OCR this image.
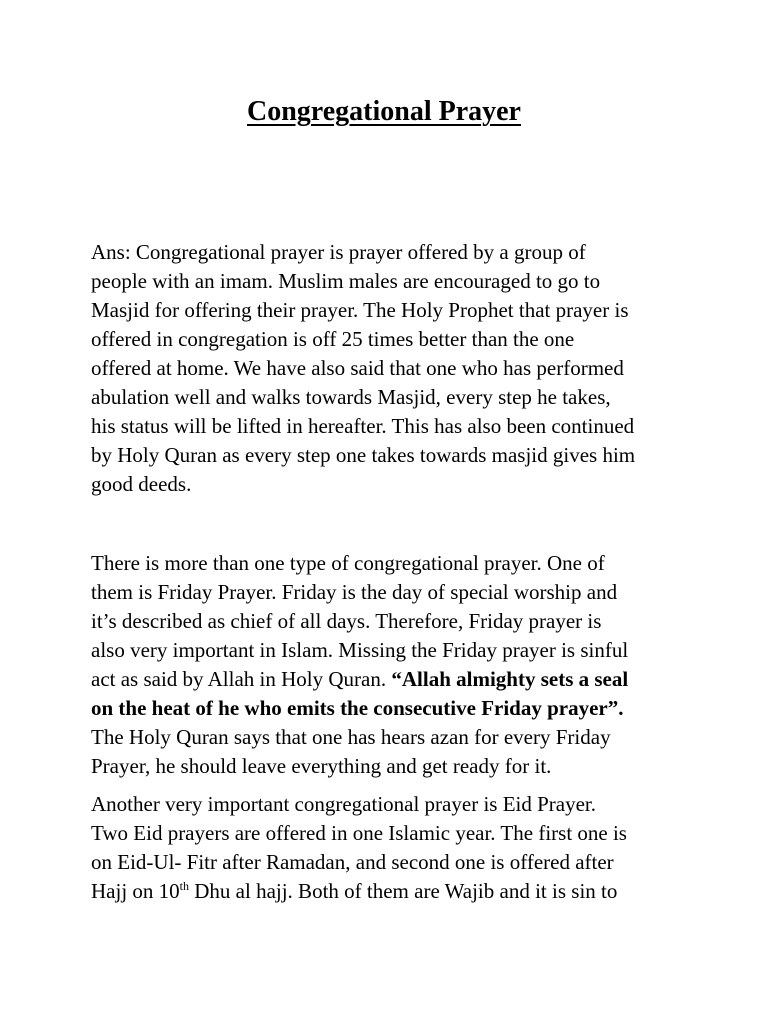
Congregational Prayer

Ans: Congregational prayer is prayer offered by a group of
people with an imam. Muslim males are encouraged to go to
Masjid for offering their prayer. The Holy Prophet that prayer is
offered in congregation is off 25 times better than the one
offered at home. We have also said that one who has performed
abulation well and walks towards Masjid, every step he takes,
his status will be lifted in hereafter. This has also been continued
by Holy Quran as every step one takes towards masjid gives him
good deeds.

There is more than one type of congregational prayer. One of
them is Friday Prayer. Friday is the day of special worship and
it’s described as chief of all days. Therefore, Friday prayer is
also very important in Islam. Missing the Friday prayer is sinful
act as said by Allah in Holy Quran. “Allah almighty sets a seal
on the heat of he who emits the consecutive Friday prayer”.
The Holy Quran says that one has hears azan for every Friday
Prayer, he should leave everything and get ready for it.

Another very important congregational prayer is Eid Prayer.
Two Eid prayers are offered in one Islamic year. The first one is
on Eid-Ul- Fitr after Ramadan, and second one is offered after
Hajj on 10th Dhu al hajj. Both of them are Wajib and it is sin to
